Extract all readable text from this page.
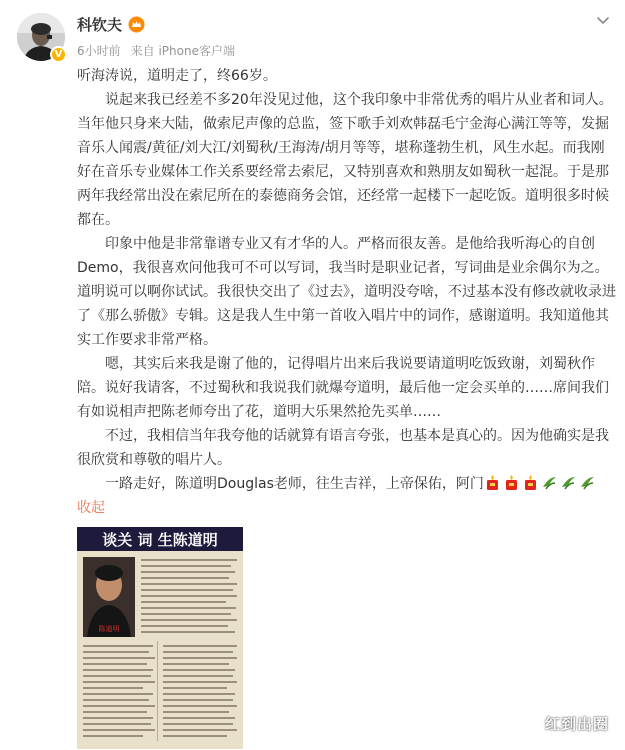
V
科钦夫
6小时前 来自 iPhone客户端

听海涛说，道明走了，终66岁。

说起来我已经差不多20年没见过他，这个我印象中非常优秀的唱片从业者和词人。当年他只身来大陆，做索尼声像的总监，签下歌手刘欢韩磊毛宁金海心满江等等，发掘音乐人闻震/黄征/刘大江/刘蜀秋/王海涛/胡月等等，堪称蓬勃生机，风生水起。而我刚好在音乐专业媒体工作关系要经常去索尼，又特别喜欢和熟朋友如蜀秋一起混。于是那两年我经常出没在索尼所在的泰德商务会馆，还经常一起楼下一起吃饭。道明很多时候都在。

印象中他是非常靠谱专业又有才华的人。严格而很友善。是他给我听海心的自创Demo，我很喜欢问他我可不可以写词，我当时是职业记者，写词曲是业余偶尔为之。道明说可以啊你试试。我很快交出了《过去》，道明没夸啥，不过基本没有修改就收录进了《那么骄傲》专辑。这是我人生中第一首收入唱片中的词作，感谢道明。我知道他其实工作要求非常严格。

嗯，其实后来我是谢了他的，记得唱片出来后我说要请道明吃饭致谢，刘蜀秋作陪。说好我请客，不过蜀秋和我说我们就爆夸道明，最后他一定会买单的……席间我们有如说相声把陈老师夸出了花，道明大乐果然抢先买单……

不过，我相信当年我夸他的话就算有语言夸张，也基本是真心的。因为他确实是我很欣赏和尊敬的唱片人。

一路走好，陈道明Douglas老师，往生吉祥，上帝保佑，阿门

收起
谈关 词 生陈道明
陈道明
红到出圈
